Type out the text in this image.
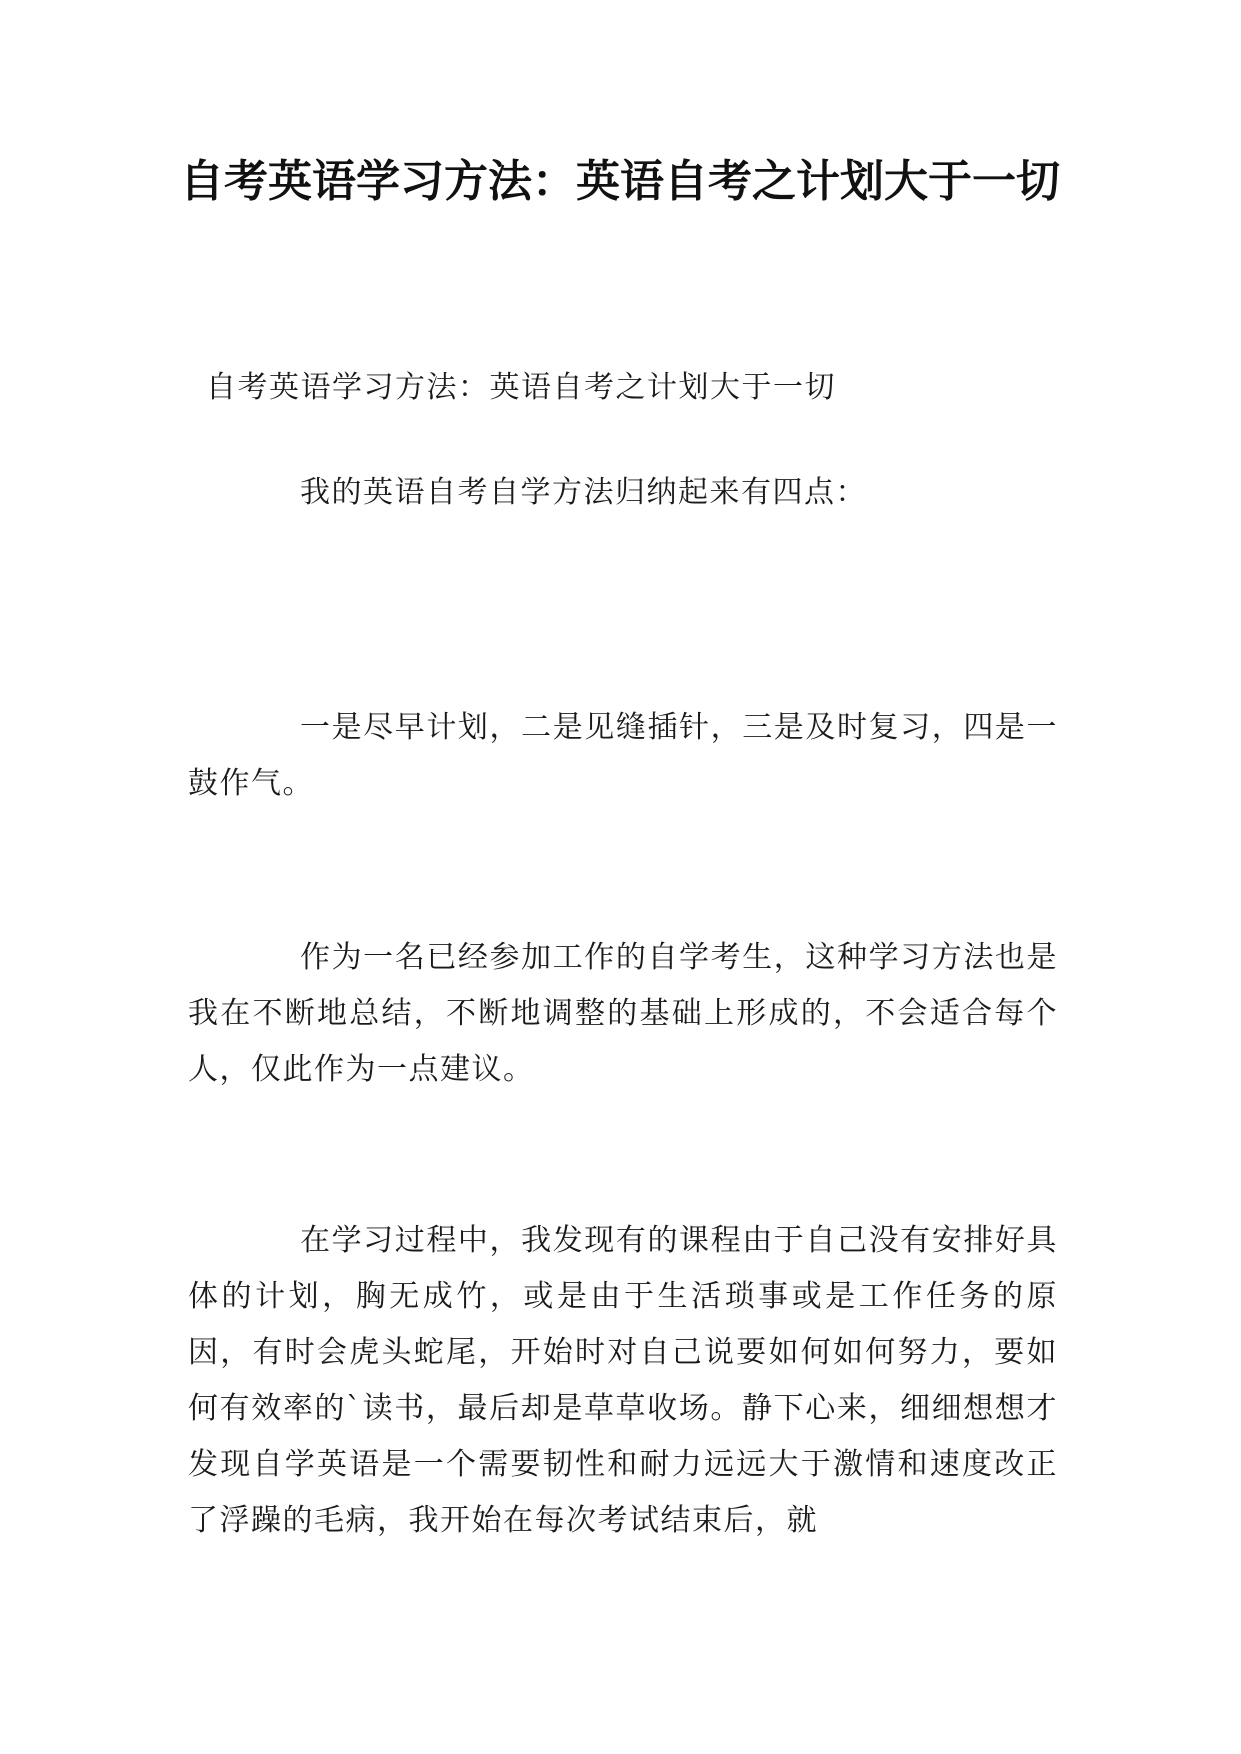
自考英语学习方法：英语自考之计划大于一切

自考英语学习方法：英语自考之计划大于一切

我的英语自考自学方法归纳起来有四点：

一是尽早计划，二是见缝插针，三是及时复习，四是一鼓作气。

作为一名已经参加工作的自学考生，这种学习方法也是我在不断地总结，不断地调整的基础上形成的，不会适合每个人，仅此作为一点建议。

在学习过程中，我发现有的课程由于自己没有安排好具体的计划，胸无成竹，或是由于生活琐事或是工作任务的原因，有时会虎头蛇尾，开始时对自己说要如何如何努力，要如何有效率的`读书，最后却是草草收场。静下心来，细细想想才发现自学英语是一个需要韧性和耐力远远大于激情和速度改正了浮躁的毛病，我开始在每次考试结束后，就
